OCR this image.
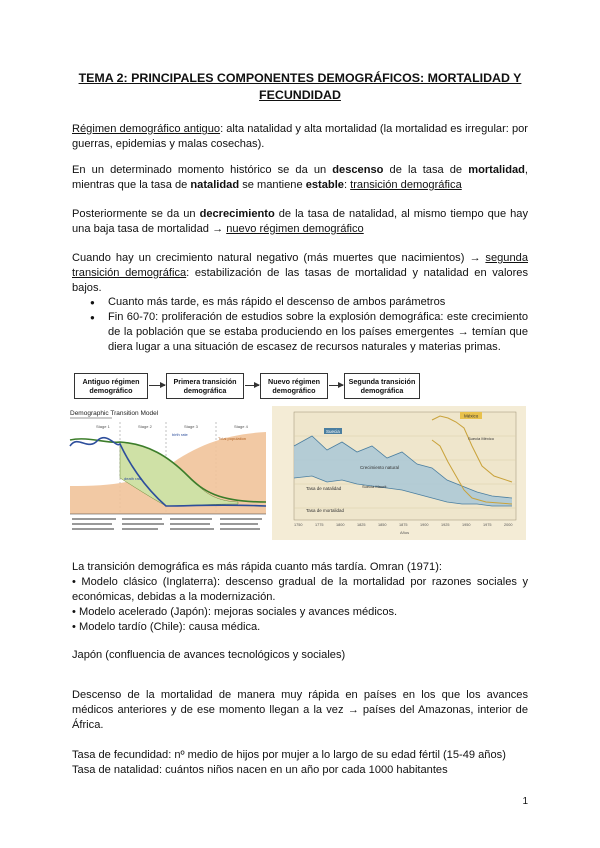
TEMA 2: PRINCIPALES COMPONENTES DEMOGRÁFICOS: MORTALIDAD Y FECUNDIDAD
Régimen demográfico antiguo: alta natalidad y alta mortalidad (la mortalidad es irregular: por guerras, epidemias y malas cosechas).
En un determinado momento histórico se da un descenso de la tasa de mortalidad, mientras que la tasa de natalidad se mantiene estable: transición demográfica
Posteriormente se da un decrecimiento de la tasa de natalidad, al mismo tiempo que hay una baja tasa de mortalidad → nuevo régimen demográfico
Cuando hay un crecimiento natural negativo (más muertes que nacimientos) → segunda transición demográfica: estabilización de las tasas de mortalidad y natalidad en valores bajos.
● Cuanto más tarde, es más rápido el descenso de ambos parámetros
● Fin 60-70: proliferación de estudios sobre la explosión demográfica: este crecimiento de la población que se estaba produciendo en los países emergentes → temían que diera lugar a una situación de escasez de recursos naturales y materias primas.
Antiguo régimen demográfico
Primera transición demográfica
Nuevo régimen demográfico
Segunda transición demográfica
Demographic Transition Model
Stage 1	Stage 2	Stage 3	Stage 4
birth rate
death rate
Total population
México
Suecia
Crecimiento natural
Tasa de natalidad
Tasa de mortalidad
Suecia México
Suecia Maurit.
1750	1775	1800	1825	1850	1875	1900	1925	1950	1975	2000
Años
La transición demográfica es más rápida cuanto más tardía. Omran (1971):
• Modelo clásico (Inglaterra): descenso gradual de la mortalidad por razones sociales y económicas, debidas a la modernización.
• Modelo acelerado (Japón): mejoras sociales y avances médicos.
• Modelo tardío (Chile): causa médica.
Japón (confluencia de avances tecnológicos y sociales)
Descenso de la mortalidad de manera muy rápida en países en los que los avances médicos anteriores y de ese momento llegan a la vez → países del Amazonas, interior de África.
Tasa de fecundidad: nº medio de hijos por mujer a lo largo de su edad fértil (15-49 años)
Tasa de natalidad: cuántos niños nacen en un año por cada 1000 habitantes
1
